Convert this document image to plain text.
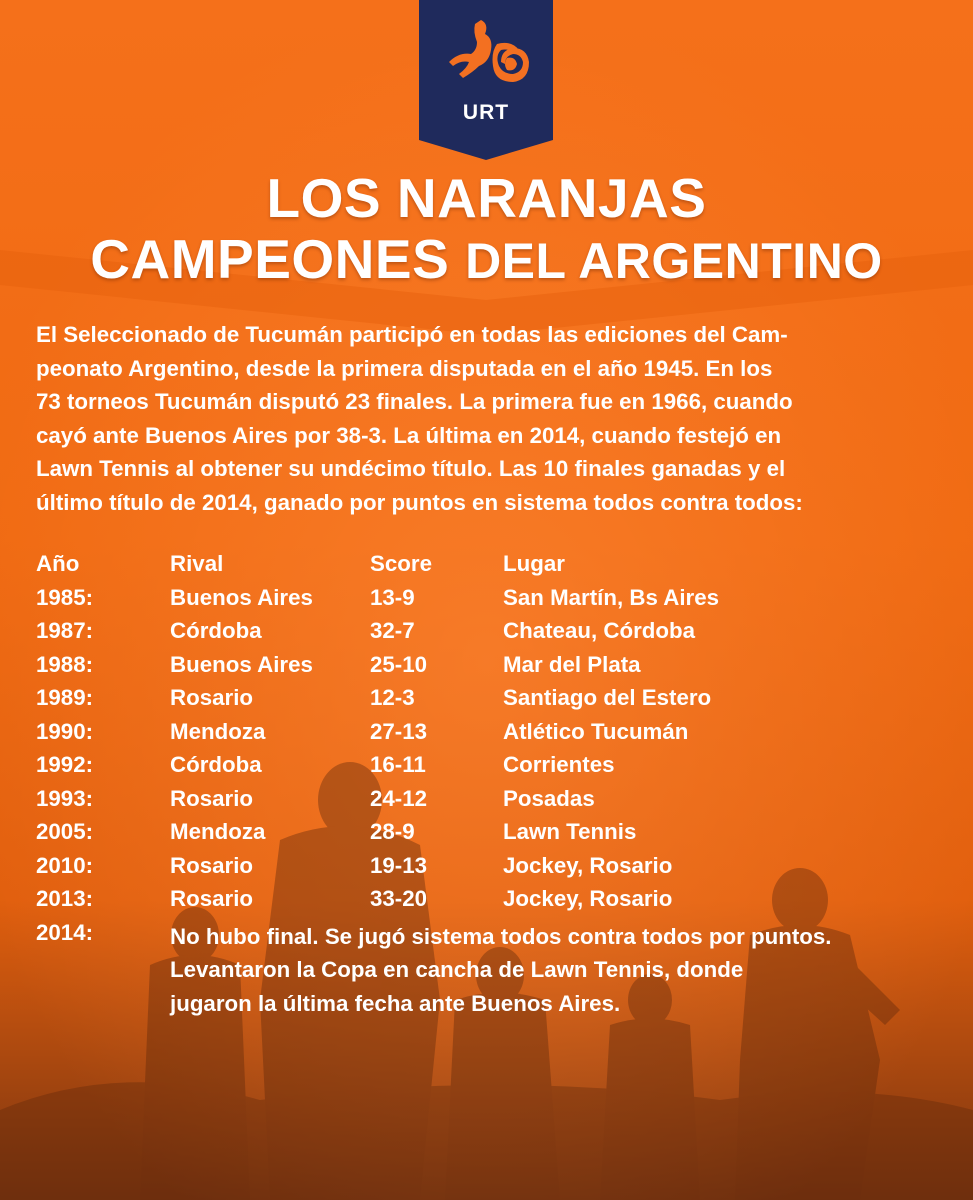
URT
LOS NARANJAS
CAMPEONES DEL ARGENTINO
El Seleccionado de Tucumán participó en todas las ediciones del Cam-
peonato Argentino, desde la primera disputada en el año 1945. En los
73 torneos Tucumán disputó 23 finales. La primera fue en 1966, cuando
cayó ante Buenos Aires por 38-3. La última en 2014, cuando festejó en
Lawn Tennis al obtener su undécimo título. Las 10 finales ganadas y el
último título de 2014, ganado por puntos en sistema todos contra todos:
Año	Rival	Score	Lugar
1985:	Buenos Aires	13-9	San Martín, Bs Aires
1987:	Córdoba	32-7	Chateau, Córdoba
1988:	Buenos Aires	25-10	Mar del Plata
1989:	Rosario	12-3	Santiago del Estero
1990:	Mendoza	27-13	Atlético Tucumán
1992:	Córdoba	16-11	Corrientes
1993:	Rosario	24-12	Posadas
2005:	Mendoza	28-9	Lawn Tennis
2010:	Rosario	19-13	Jockey, Rosario
2013:	Rosario	33-20	Jockey, Rosario
2014:	No hubo final. Se jugó sistema todos contra todos por puntos.
Levantaron la Copa en cancha de Lawn Tennis, donde
jugaron la última fecha ante Buenos Aires.
